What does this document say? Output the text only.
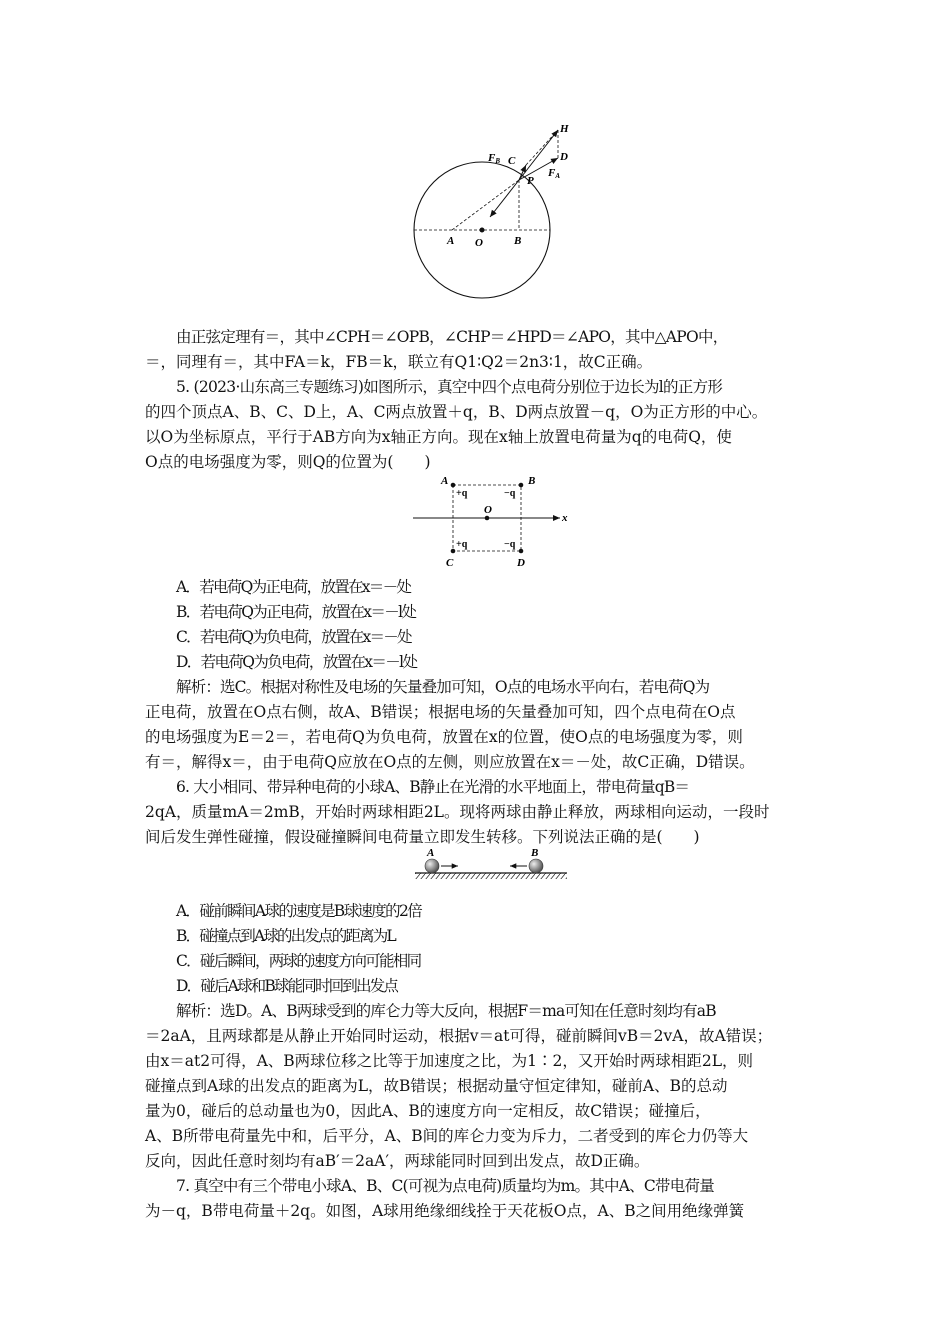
H
FB C	D
P
FA
A O	B
由正弦定理有＝，其中∠CPH＝∠OPB，∠CHP＝∠HPD＝∠APO，其中△APO中，
＝，同理有＝，其中FA＝k，FB＝k，联立有Q1∶Q2＝2n3∶1，故C正确。
5. (2023·山东高三专题练习)如图所示，真空中四个点电荷分别位于边长为l的正方形
的四个顶点A、B、C、D上，A、C两点放置＋q，B、D两点放置－q，O为正方形的中心。
以O为坐标原点，平行于AB方向为x轴正方向。现在x轴上放置电荷量为q的电荷Q，使
O点的电场强度为零，则Q的位置为(　　)
A	B
C	D
O
x
+q	−q
+q	−q
A．若电荷Q为正电荷，放置在x＝－处
B．若电荷Q为正电荷，放置在x＝－l处
C．若电荷Q为负电荷，放置在x＝－处
D．若电荷Q为负电荷，放置在x＝－l处
解析：选C。根据对称性及电场的矢量叠加可知，O点的电场水平向右，若电荷Q为
正电荷，放置在O点右侧，故A、B错误；根据电场的矢量叠加可知，四个点电荷在O点
的电场强度为E＝2＝，若电荷Q为负电荷，放置在x的位置，使O点的电场强度为零，则
有＝，解得x＝，由于电荷Q应放在O点的左侧，则应放置在x＝－处，故C正确，D错误。
6. 大小相同、带异种电荷的小球A、B静止在光滑的水平地面上，带电荷量qB＝
2qA，质量mA＝2mB，开始时两球相距2L。现将两球由静止释放，两球相向运动，一段时
间后发生弹性碰撞，假设碰撞瞬间电荷量立即发生转移。下列说法正确的是(　　)
A	B
A．碰前瞬间A球的速度是B球速度的2倍
B．碰撞点到A球的出发点的距离为L
C．碰后瞬间，两球的速度方向可能相同
D．碰后A球和B球能同时回到出发点
解析：选D。A、B两球受到的库仑力等大反向，根据F＝ma可知在任意时刻均有aB
＝2aA，且两球都是从静止开始同时运动，根据v＝at可得，碰前瞬间vB＝2vA，故A错误；
由x＝at2可得，A、B两球位移之比等于加速度之比，为1∶2，又开始时两球相距2L，则
碰撞点到A球的出发点的距离为L，故B错误；根据动量守恒定律知，碰前A、B的总动
量为0，碰后的总动量也为0，因此A、B的速度方向一定相反，故C错误；碰撞后，
A、B所带电荷量先中和，后平分，A、B间的库仑力变为斥力，二者受到的库仑力仍等大
反向，因此任意时刻均有aB′＝2aA′，两球能同时回到出发点，故D正确。
7. 真空中有三个带电小球A、B、C(可视为点电荷)质量均为m。其中A、C带电荷量
为－q，B带电荷量＋2q。如图，A球用绝缘细线拴于天花板O点，A、B之间用绝缘弹簧
